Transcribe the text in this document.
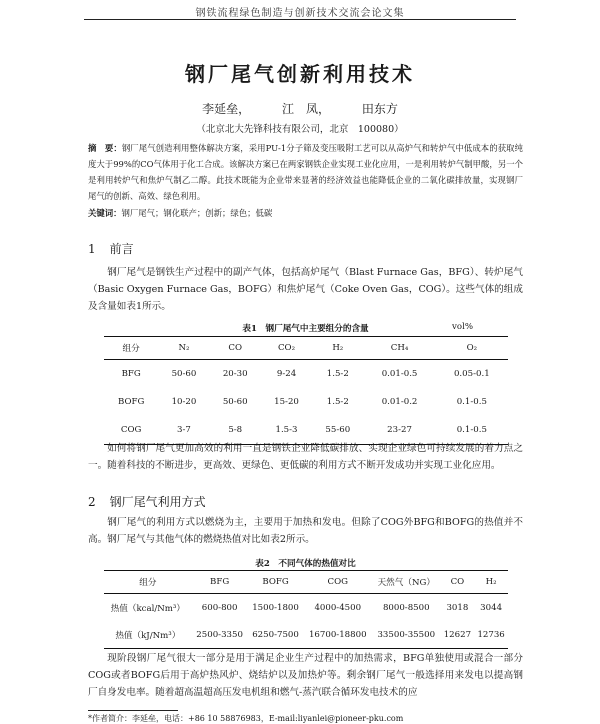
钢铁流程绿色制造与创新技术交流会论文集
钢厂尾气创新利用技术
李延垒，	江　凤，	田东方
（北京北大先锋科技有限公司，北京　100080）
摘　要：钢厂尾气创造利用整体解决方案，采用PU-1分子筛及变压吸附工艺可以从高炉气和转炉气中低成本的获取纯度大于99%的CO气体用于化工合成。该解决方案已在两家钢铁企业实现工业化应用，一是利用转炉气制甲酸，另一个是利用转炉气和焦炉气制乙二醇。此技术既能为企业带来显著的经济效益也能降低企业的二氧化碳排放量，实现钢厂尾气的创新、高效、绿色利用。
关键词：钢厂尾气；钢化联产；创新；绿色；低碳
1 前言
钢厂尾气是钢铁生产过程中的副产气体，包括高炉尾气（Blast Furnace Gas，BFG）、转炉尾气（Basic Oxygen Furnace Gas，BOFG）和焦炉尾气（Coke Oven Gas，COG）。这些气体的组成及含量如表1所示。
表1　钢厂尾气中主要组分的含量	vol%
组分	N₂	CO	CO₂	H₂	CH₄	O₂
BFG	50-60	20-30	9-24	1.5-2	0.01-0.5	0.05-0.1
BOFG	10-20	50-60	15-20	1.5-2	0.01-0.2	0.1-0.5
COG	3-7	5-8	1.5-3	55-60	23-27	0.1-0.5
如何将钢厂尾气更加高效的利用一直是钢铁企业降低碳排放、实现企业绿色可持续发展的着力点之一。随着科技的不断进步，更高效、更绿色、更低碳的利用方式不断开发成功并实现工业化应用。
2 钢厂尾气利用方式
钢厂尾气的利用方式以燃烧为主，主要用于加热和发电。但除了COG外BFG和BOFG的热值并不高。钢厂尾气与其他气体的燃烧热值对比如表2所示。
表2　不同气体的热值对比
组分	BFG	BOFG	COG	天然气（NG）	CO	H₂
热值（kcal/Nm³）	600-800	1500-1800	4000-4500	8000-8500	3018	3044
热值（kJ/Nm³）	2500-3350	6250-7500	16700-18800	33500-35500	12627	12736
现阶段钢厂尾气很大一部分是用于满足企业生产过程中的加热需求，BFG单独使用或混合一部分COG或者BOFG后用于高炉热风炉、烧结炉以及加热炉等。剩余钢厂尾气一般选择用来发电以提高钢厂自身发电率。随着超高温超高压发电机组和燃气-蒸汽联合循环发电技术的应
*作者简介：李延垒，电话：+86 10 58876983，E-mail:liyanlei@pioneer-pku.com
